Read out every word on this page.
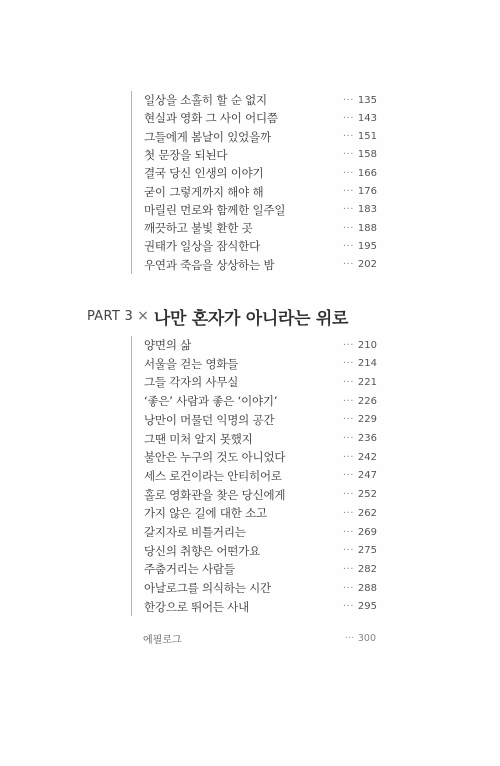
일상을 소홀히 할 순 없지	··· 135
현실과 영화 그 사이 어디쯤	··· 143
그들에게 봄날이 있었을까	··· 151
첫 문장을 되뇐다	··· 158
결국 당신 인생의 이야기	··· 166
굳이 그렇게까지 해야 해	··· 176
마릴린 먼로와 함께한 일주일	··· 183
깨끗하고 불빛 환한 곳	··· 188
권태가 일상을 잠식한다	··· 195
우연과 죽음을 상상하는 밤	··· 202
PART 3 × 나만 혼자가 아니라는 위로
양면의 삶	··· 210
서울을 걷는 영화들	··· 214
그들 각자의 사무실	··· 221
‘좋은’ 사람과 좋은 ‘이야기’	··· 226
낭만이 머물던 익명의 공간	··· 229
그땐 미처 알지 못했지	··· 236
불안은 누구의 것도 아니었다	··· 242
세스 로건이라는 안티히어로	··· 247
홀로 영화관을 찾은 당신에게	··· 252
가지 않은 길에 대한 소고	··· 262
갈지자로 비틀거리는	··· 269
당신의 취향은 어떤가요	··· 275
주춤거리는 사람들	··· 282
아날로그를 의식하는 시간	··· 288
한강으로 뛰어든 사내	··· 295
에필로그	··· 300
